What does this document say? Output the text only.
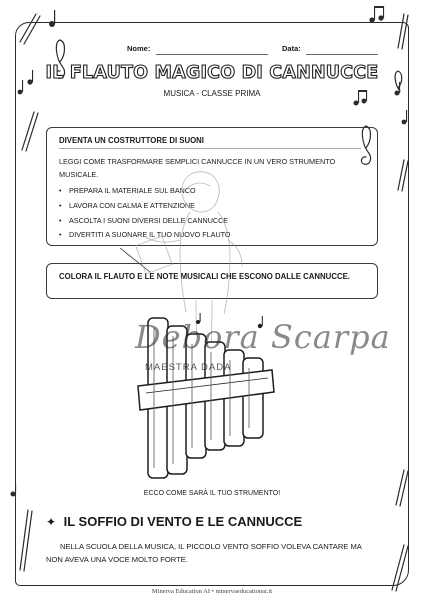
Nome:	Data:
IL FLAUTO MAGICO DI CANNUCCE
MUSICA - CLASSE PRIMA
DIVENTA UN COSTRUTTORE DI SUONI
LEGGI COME TRASFORMARE SEMPLICI CANNUCCE IN UN VERO STRUMENTO MUSICALE.
• PREPARA IL MATERIALE SUL BANCO
• LAVORA CON CALMA E ATTENZIONE
• ASCOLTA I SUONI DIVERSI DELLE CANNUCCE
• DIVERTITI A SUONARE IL TUO NUOVO FLAUTO

COLORA IL FLAUTO E LE NOTE MUSICALI CHE ESCONO DALLE CANNUCCE.

Debora Scarpa
MAESTRA DADA
ECCO COME SARÀ IL TUO STRUMENTO!
✦ IL SOFFIO DI VENTO E LE CANNUCCE
NELLA SCUOLA DELLA MUSICA, IL PICCOLO VENTO SOFFIO VOLEVA CANTARE MA NON AVEVA UNA VOCE MOLTO FORTE.
Minerva Education AI • minervaeducationai.it
